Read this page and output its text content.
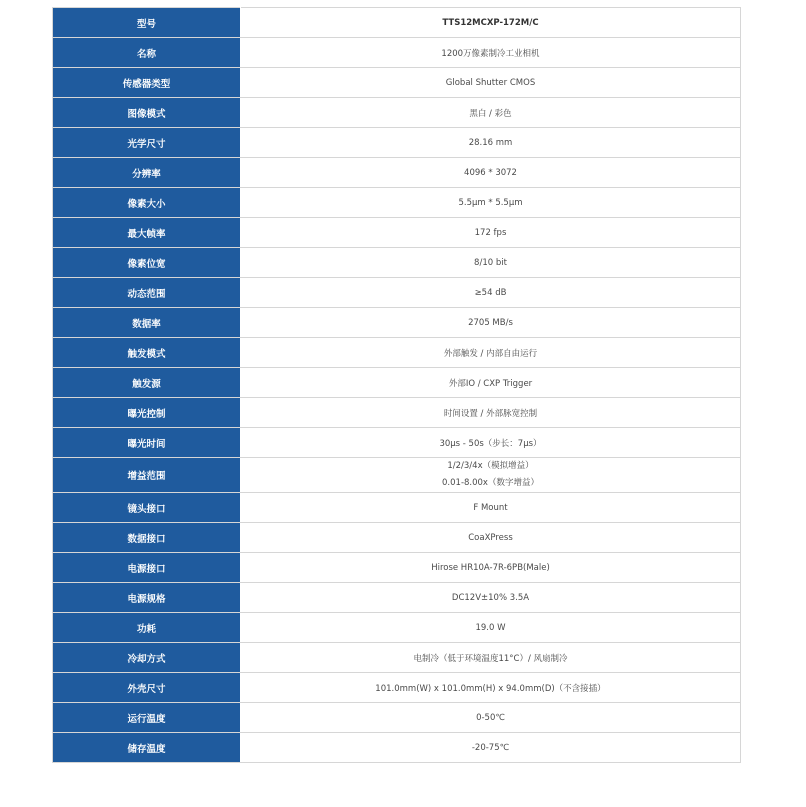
型号	TTS12MCXP-172M/C
名称	1200万像素制冷工业相机
传感器类型	Global Shutter CMOS
图像模式	黑白 / 彩色
光学尺寸	28.16 mm
分辨率	4096 * 3072
像素大小	5.5μm * 5.5μm
最大帧率	172 fps
像素位宽	8/10 bit
动态范围	≥54 dB
数据率	2705 MB/s
触发模式	外部触发 / 内部自由运行
触发源	外部IO / CXP Trigger
曝光控制	时间设置 / 外部脉宽控制
曝光时间	30μs - 50s（步长：7μs）
增益范围	1/2/3/4x（模拟增益）
0.01-8.00x（数字增益）

镜头接口	F Mount
数据接口	CoaXPress
电源接口	Hirose HR10A-7R-6PB(Male)
电源规格	DC12V±10% 3.5A
功耗	19.0 W
冷却方式	电制冷（低于环境温度11°C）/ 风扇制冷
外壳尺寸	101.0mm(W) x 101.0mm(H) x 94.0mm(D)（不含接插）
运行温度	0-50℃
储存温度	-20-75℃
